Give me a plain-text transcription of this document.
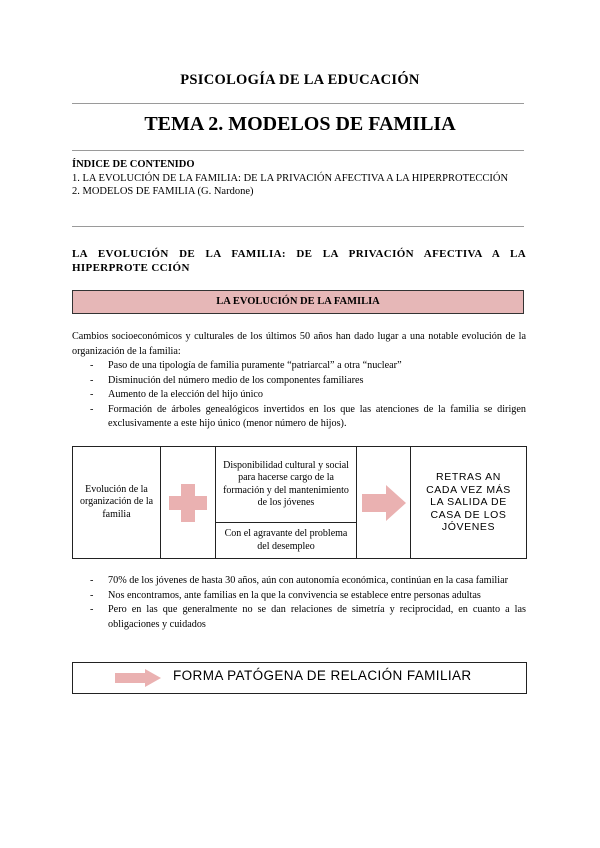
PSICOLOGÍA DE LA EDUCACIÓN
TEMA 2. MODELOS DE FAMILIA
ÍNDICE DE CONTENIDO
1. LA EVOLUCIÓN DE LA FAMILIA: DE LA PRIVACIÓN AFECTIVA A LA HIPERPROTECCIÓN
2. MODELOS DE FAMILIA (G. Nardone)
LA EVOLUCIÓN DE LA FAMILIA: DE LA PRIVACIÓN AFECTIVA A LA HIPERPROTE CCIÓN
LA EVOLUCIÓN DE LA FAMILIA
Cambios socioeconómicos y culturales de los últimos 50 años han dado lugar a una notable evolución de la organización de la familia:
- Paso de una tipología de familia puramente “patriarcal” a otra “nuclear”
- Disminución del número medio de los componentes familiares
- Aumento de la elección del hijo único
- Formación de árboles genealógicos invertidos en los que las atenciones de la familia se dirigen exclusivamente a este hijo único (menor número de hijos).
Evolución de la organización de la familia
Disponibilidad cultural y social para hacerse cargo de la formación y del mantenimiento de los jóvenes
Con el agravante del problema del desempleo
RETRAS AN CADA VEZ MÁS LA SALIDA DE CASA DE LOS JÓVENES
- 70% de los jóvenes de hasta 30 años, aún con autonomía económica, continúan en la casa familiar
- Nos encontramos, ante familias en la que la convivencia se establece entre personas adultas
- Pero en las que generalmente no se dan relaciones de simetría y reciprocidad, en cuanto a las obligaciones y cuidados
FORMA PATÓGENA DE RELACIÓN FAMILIAR
